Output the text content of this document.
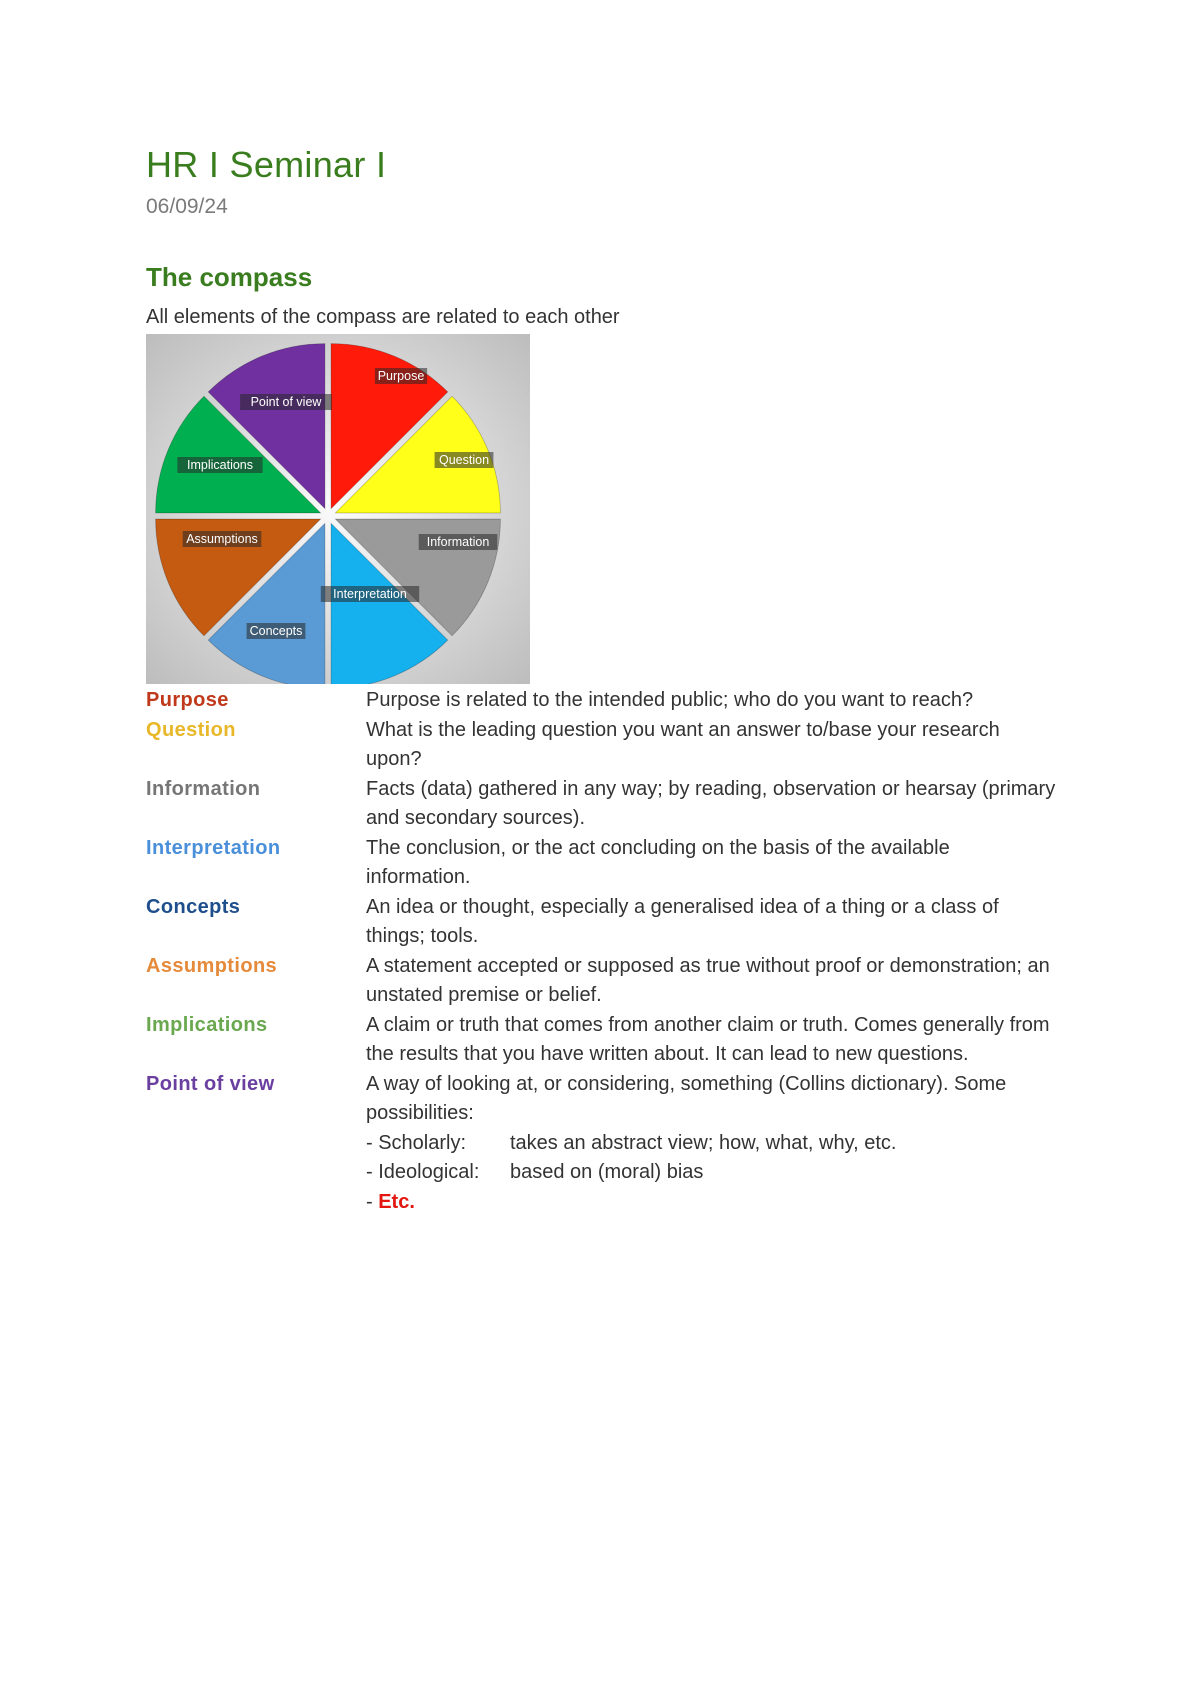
HR I Seminar I
06/09/24
The compass
All elements of the compass are related to each other
Purpose
Question
Information
Interpretation
Concepts
Assumptions
Implications
Point of view
Purpose	Purpose is related to the intended public; who do you want to reach?
Question	What is the leading question you want an answer to/base your research upon?
Information	Facts (data) gathered in any way; by reading, observation or hearsay (primary and secondary sources).
Interpretation	The conclusion, or the act concluding on the basis of the available information.
Concepts	An idea or thought, especially a generalised idea of a thing or a class of things; tools.
Assumptions	A statement accepted or supposed as true without proof or demonstration; an unstated premise or belief.
Implications	A claim or truth that comes from another claim or truth. Comes generally from the results that you have written about. It can lead to new questions.
Point of view	A way of looking at, or considering, something (Collins dictionary). Some possibilities:
- Scholarly: takes an abstract view; how, what, why, etc.
- Ideological: based on (moral) bias
- Etc.
